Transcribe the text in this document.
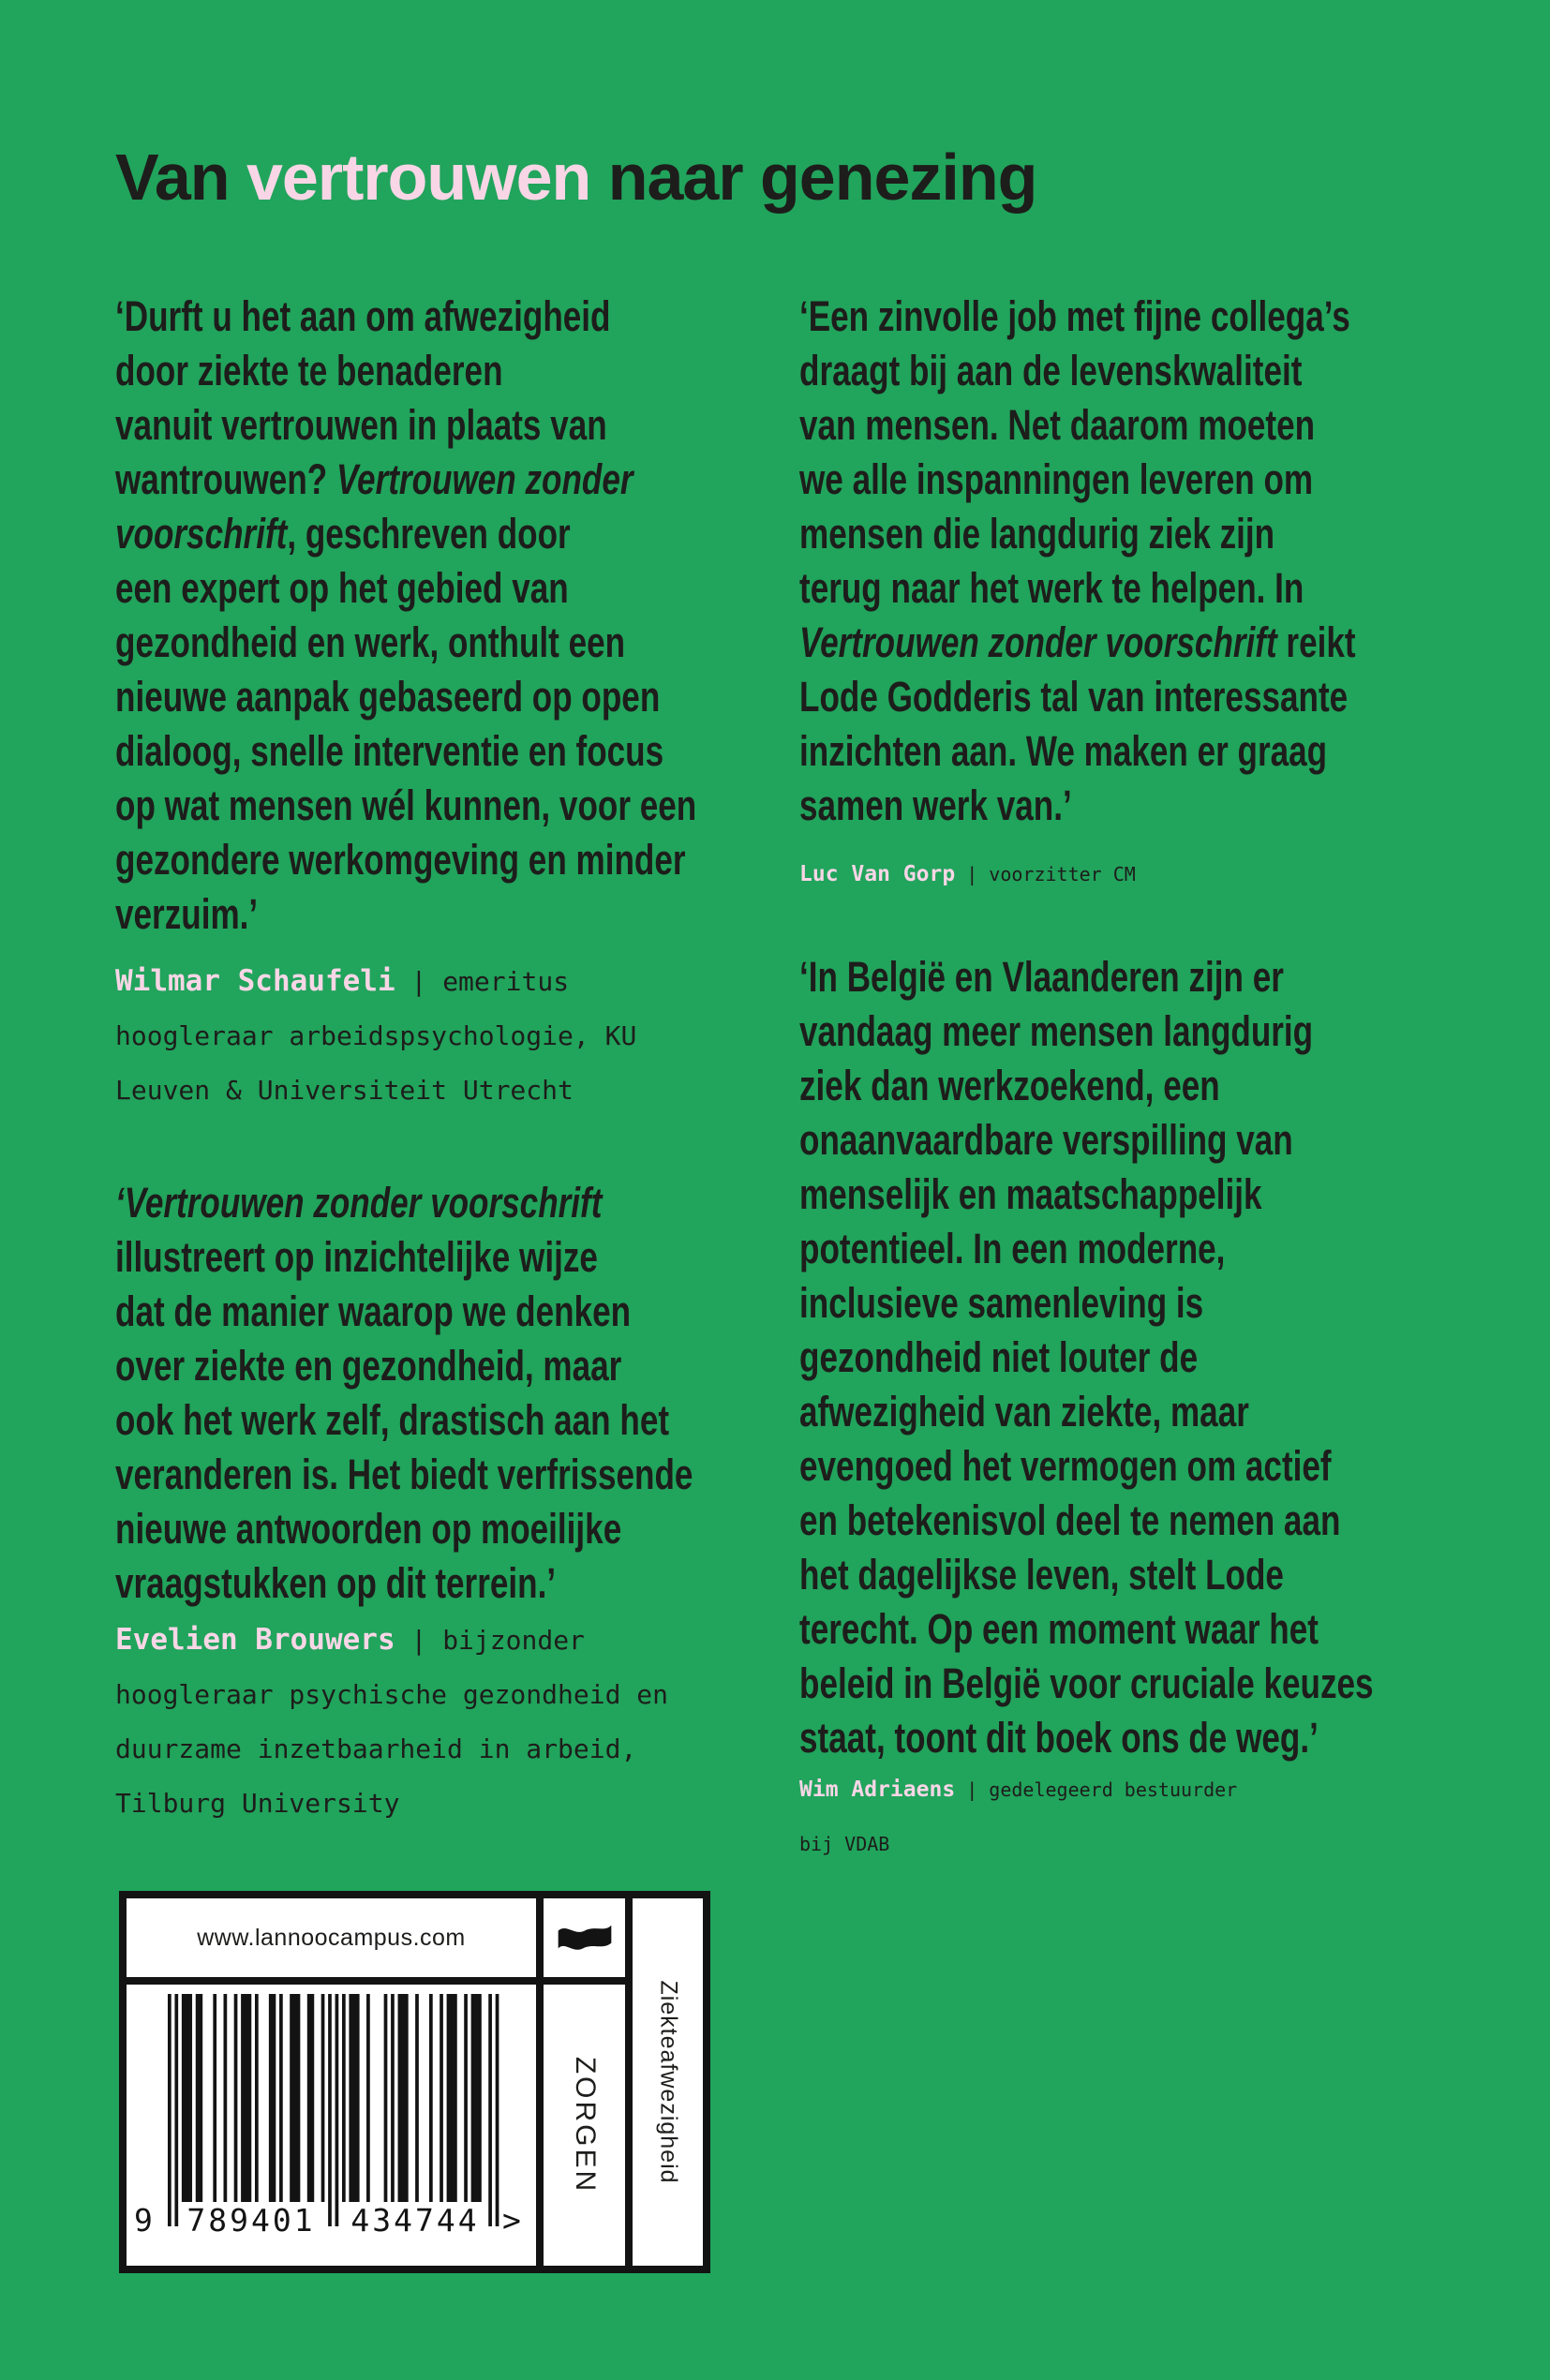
Van vertrouwen naar genezing
‘Durft u het aan om afwezigheid
door ziekte te benaderen
vanuit vertrouwen in plaats van
wantrouwen? Vertrouwen zonder
voorschrift, geschreven door
een expert op het gebied van
gezondheid en werk, onthult een
nieuwe aanpak gebaseerd op open
dialoog, snelle interventie en focus
op wat mensen wél kunnen, voor een
gezondere werkomgeving en minder
verzuim.’
Wilmar Schaufeli | emeritus
hoogleraar arbeidspsychologie, KU
Leuven & Universiteit Utrecht
‘Vertrouwen zonder voorschrift
illustreert op inzichtelijke wijze
dat de manier waarop we denken
over ziekte en gezondheid, maar
ook het werk zelf, drastisch aan het
veranderen is. Het biedt verfrissende
nieuwe antwoorden op moeilijke
vraagstukken op dit terrein.’
Evelien Brouwers | bijzonder
hoogleraar psychische gezondheid en
duurzame inzetbaarheid in arbeid,
Tilburg University
‘Een zinvolle job met fijne collega’s
draagt bij aan de levenskwaliteit
van mensen. Net daarom moeten
we alle inspanningen leveren om
mensen die langdurig ziek zijn
terug naar het werk te helpen. In
Vertrouwen zonder voorschrift reikt
Lode Godderis tal van interessante
inzichten aan. We maken er graag
samen werk van.’
Luc Van Gorp | voorzitter CM
‘In België en Vlaanderen zijn er
vandaag meer mensen langdurig
ziek dan werkzoekend, een
onaanvaardbare verspilling van
menselijk en maatschappelijk
potentieel. In een moderne,
inclusieve samenleving is
gezondheid niet louter de
afwezigheid van ziekte, maar
evengoed het vermogen om actief
en betekenisvol deel te nemen aan
het dagelijkse leven, stelt Lode
terecht. Op een moment waar het
beleid in België voor cruciale keuzes
staat, toont dit boek ons de weg.’
Wim Adriaens | gedelegeerd bestuurder
bij VDAB
www.lannoocampus.com
9 789401 434744 >
ZORGEN Ziekteafwezigheid
